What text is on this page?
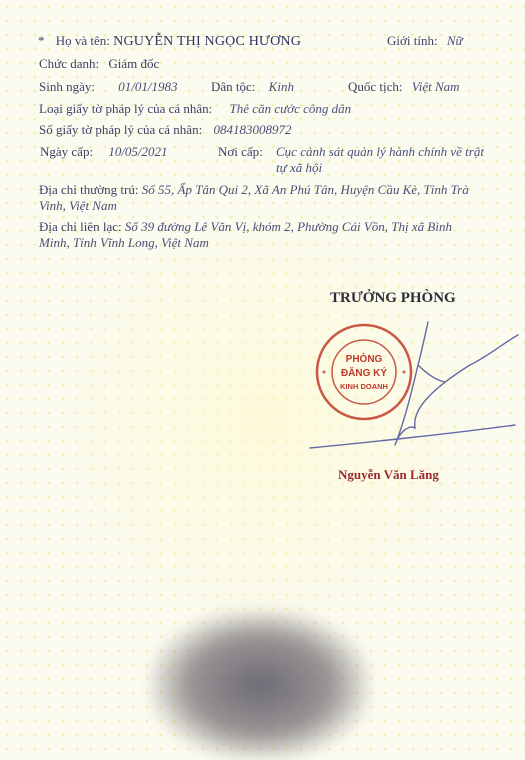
* Họ và tên: NGUYỄN THỊ NGỌC HƯƠNG	Giới tính: Nữ
Chức danh: Giám đốc
Sinh ngày: 01/01/1983	Dân tộc: Kinh	Quốc tịch: Việt Nam
Loại giấy tờ pháp lý của cá nhân: Thẻ căn cước công dân
Số giấy tờ pháp lý của cá nhân: 084183008972
Ngày cấp: 10/05/2021	Nơi cấp: Cục cảnh sát quản lý hành chính về trật tự xã hội
Địa chỉ thường trú: Số 55, Ấp Tân Qui 2, Xã An Phú Tân, Huyện Cầu Kè, Tỉnh Trà Vinh, Việt Nam
Địa chỉ liên lạc: Số 39 đường Lê Văn Vị, khóm 2, Phường Cái Vồn, Thị xã Bình Minh, Tỉnh Vĩnh Long, Việt Nam
TRƯỞNG PHÒNG
PHÒNG
ĐĂNG KÝ
KINH DOANH
Nguyễn Văn Lăng
